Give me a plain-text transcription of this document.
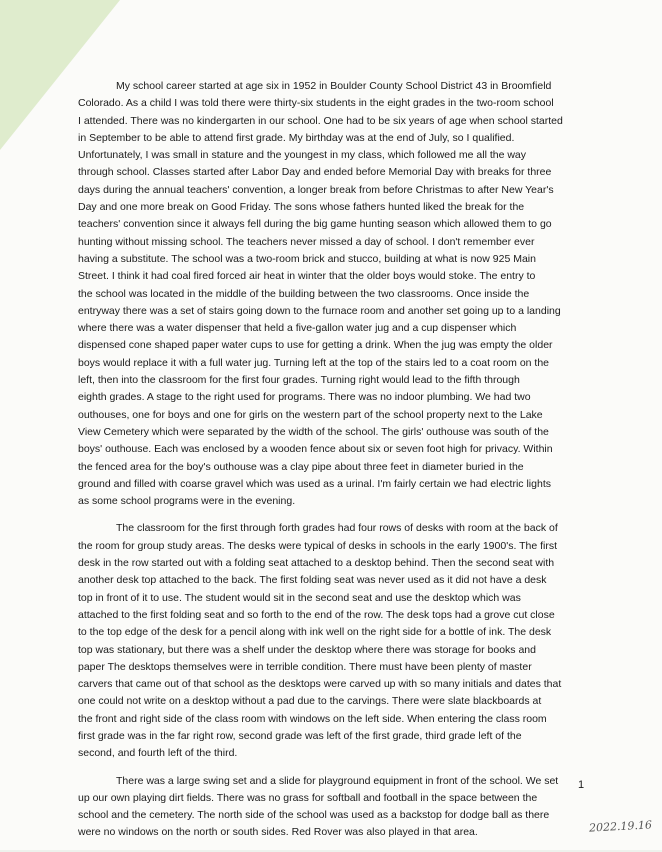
My school career started at age six in 1952 in Boulder County School District 43 in Broomfield
Colorado. As a child I was told there were thirty-six students in the eight grades in the two-room school
I attended. There was no kindergarten in our school. One had to be six years of age when school started
in September to be able to attend first grade. My birthday was at the end of July, so I qualified.
Unfortunately, I was small in stature and the youngest in my class, which followed me all the way
through school. Classes started after Labor Day and ended before Memorial Day with breaks for three
days during the annual teachers' convention, a longer break from before Christmas to after New Year's
Day and one more break on Good Friday. The sons whose fathers hunted liked the break for the
teachers' convention since it always fell during the big game hunting season which allowed them to go
hunting without missing school. The teachers never missed a day of school. I don't remember ever
having a substitute. The school was a two-room brick and stucco, building at what is now 925 Main
Street. I think it had coal fired forced air heat in winter that the older boys would stoke. The entry to
the school was located in the middle of the building between the two classrooms. Once inside the
entryway there was a set of stairs going down to the furnace room and another set going up to a landing
where there was a water dispenser that held a five-gallon water jug and a cup dispenser which
dispensed cone shaped paper water cups to use for getting a drink. When the jug was empty the older
boys would replace it with a full water jug. Turning left at the top of the stairs led to a coat room on the
left, then into the classroom for the first four grades. Turning right would lead to the fifth through
eighth grades. A stage to the right used for programs. There was no indoor plumbing. We had two
outhouses, one for boys and one for girls on the western part of the school property next to the Lake
View Cemetery which were separated by the width of the school. The girls' outhouse was south of the
boys' outhouse. Each was enclosed by a wooden fence about six or seven foot high for privacy. Within
the fenced area for the boy's outhouse was a clay pipe about three feet in diameter buried in the
ground and filled with coarse gravel which was used as a urinal. I'm fairly certain we had electric lights
as some school programs were in the evening.

The classroom for the first through forth grades had four rows of desks with room at the back of
the room for group study areas. The desks were typical of desks in schools in the early 1900's. The first
desk in the row started out with a folding seat attached to a desktop behind. Then the second seat with
another desk top attached to the back. The first folding seat was never used as it did not have a desk
top in front of it to use. The student would sit in the second seat and use the desktop which was
attached to the first folding seat and so forth to the end of the row. The desk tops had a grove cut close
to the top edge of the desk for a pencil along with ink well on the right side for a bottle of ink. The desk
top was stationary, but there was a shelf under the desktop where there was storage for books and
paper The desktops themselves were in terrible condition. There must have been plenty of master
carvers that came out of that school as the desktops were carved up with so many initials and dates that
one could not write on a desktop without a pad due to the carvings. There were slate blackboards at
the front and right side of the class room with windows on the left side. When entering the class room
first grade was in the far right row, second grade was left of the first grade, third grade left of the
second, and fourth left of the third.

There was a large swing set and a slide for playground equipment in front of the school. We set
up our own playing dirt fields. There was no grass for softball and football in the space between the
school and the cemetery. The north side of the school was used as a backstop for dodge ball as there
were no windows on the north or south sides. Red Rover was also played in that area.

1
2022.19.16
